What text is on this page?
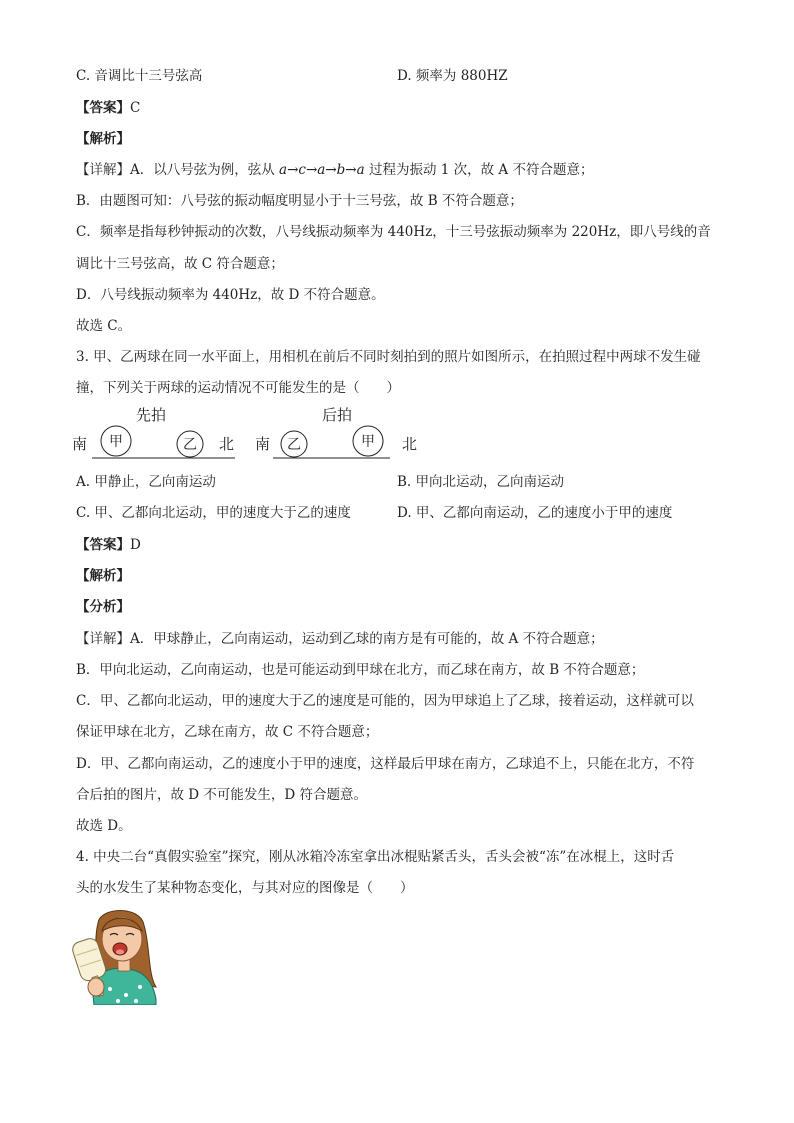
C. 音调比十三号弦高	D. 频率为 880HZ
【答案】C
【解析】
【详解】A．以八号弦为例，弦从 a→c→a→b→a 过程为振动 1 次，故 A 不符合题意；
B．由题图可知：八号弦的振动幅度明显小于十三号弦，故 B 不符合题意；
C．频率是指每秒钟振动的次数，八号线振动频率为 440Hz，十三号弦振动频率为 220Hz，即八号线的音
调比十三号弦高，故 C 符合题意；
D．八号线振动频率为 440Hz，故 D 不符合题意。
故选 C。
3. 甲、乙两球在同一水平面上，用相机在前后不同时刻拍到的照片如图所示，在拍照过程中两球不发生碰
撞，下列关于两球的运动情况不可能发生的是（　　）
先拍
南 甲	乙 北
后拍
南 乙	甲 北
A. 甲静止，乙向南运动	B. 甲向北运动，乙向南运动
C. 甲、乙都向北运动，甲的速度大于乙的速度	D. 甲、乙都向南运动，乙的速度小于甲的速度
【答案】D
【解析】
【分析】
【详解】A．甲球静止，乙向南运动，运动到乙球的南方是有可能的，故 A 不符合题意；
B．甲向北运动，乙向南运动，也是可能运动到甲球在北方，而乙球在南方，故 B 不符合题意；
C．甲、乙都向北运动，甲的速度大于乙的速度是可能的，因为甲球追上了乙球，接着运动，这样就可以
保证甲球在北方，乙球在南方，故 C 不符合题意；
D．甲、乙都向南运动，乙的速度小于甲的速度，这样最后甲球在南方，乙球追不上，只能在北方，不符
合后拍的图片，故 D 不可能发生，D 符合题意。
故选 D。
4. 中央二台“真假实验室”探究，刚从冰箱冷冻室拿出冰棍贴紧舌头，舌头会被“冻”在冰棍上，这时舌
头的水发生了某种物态变化，与其对应的图像是（　　）
